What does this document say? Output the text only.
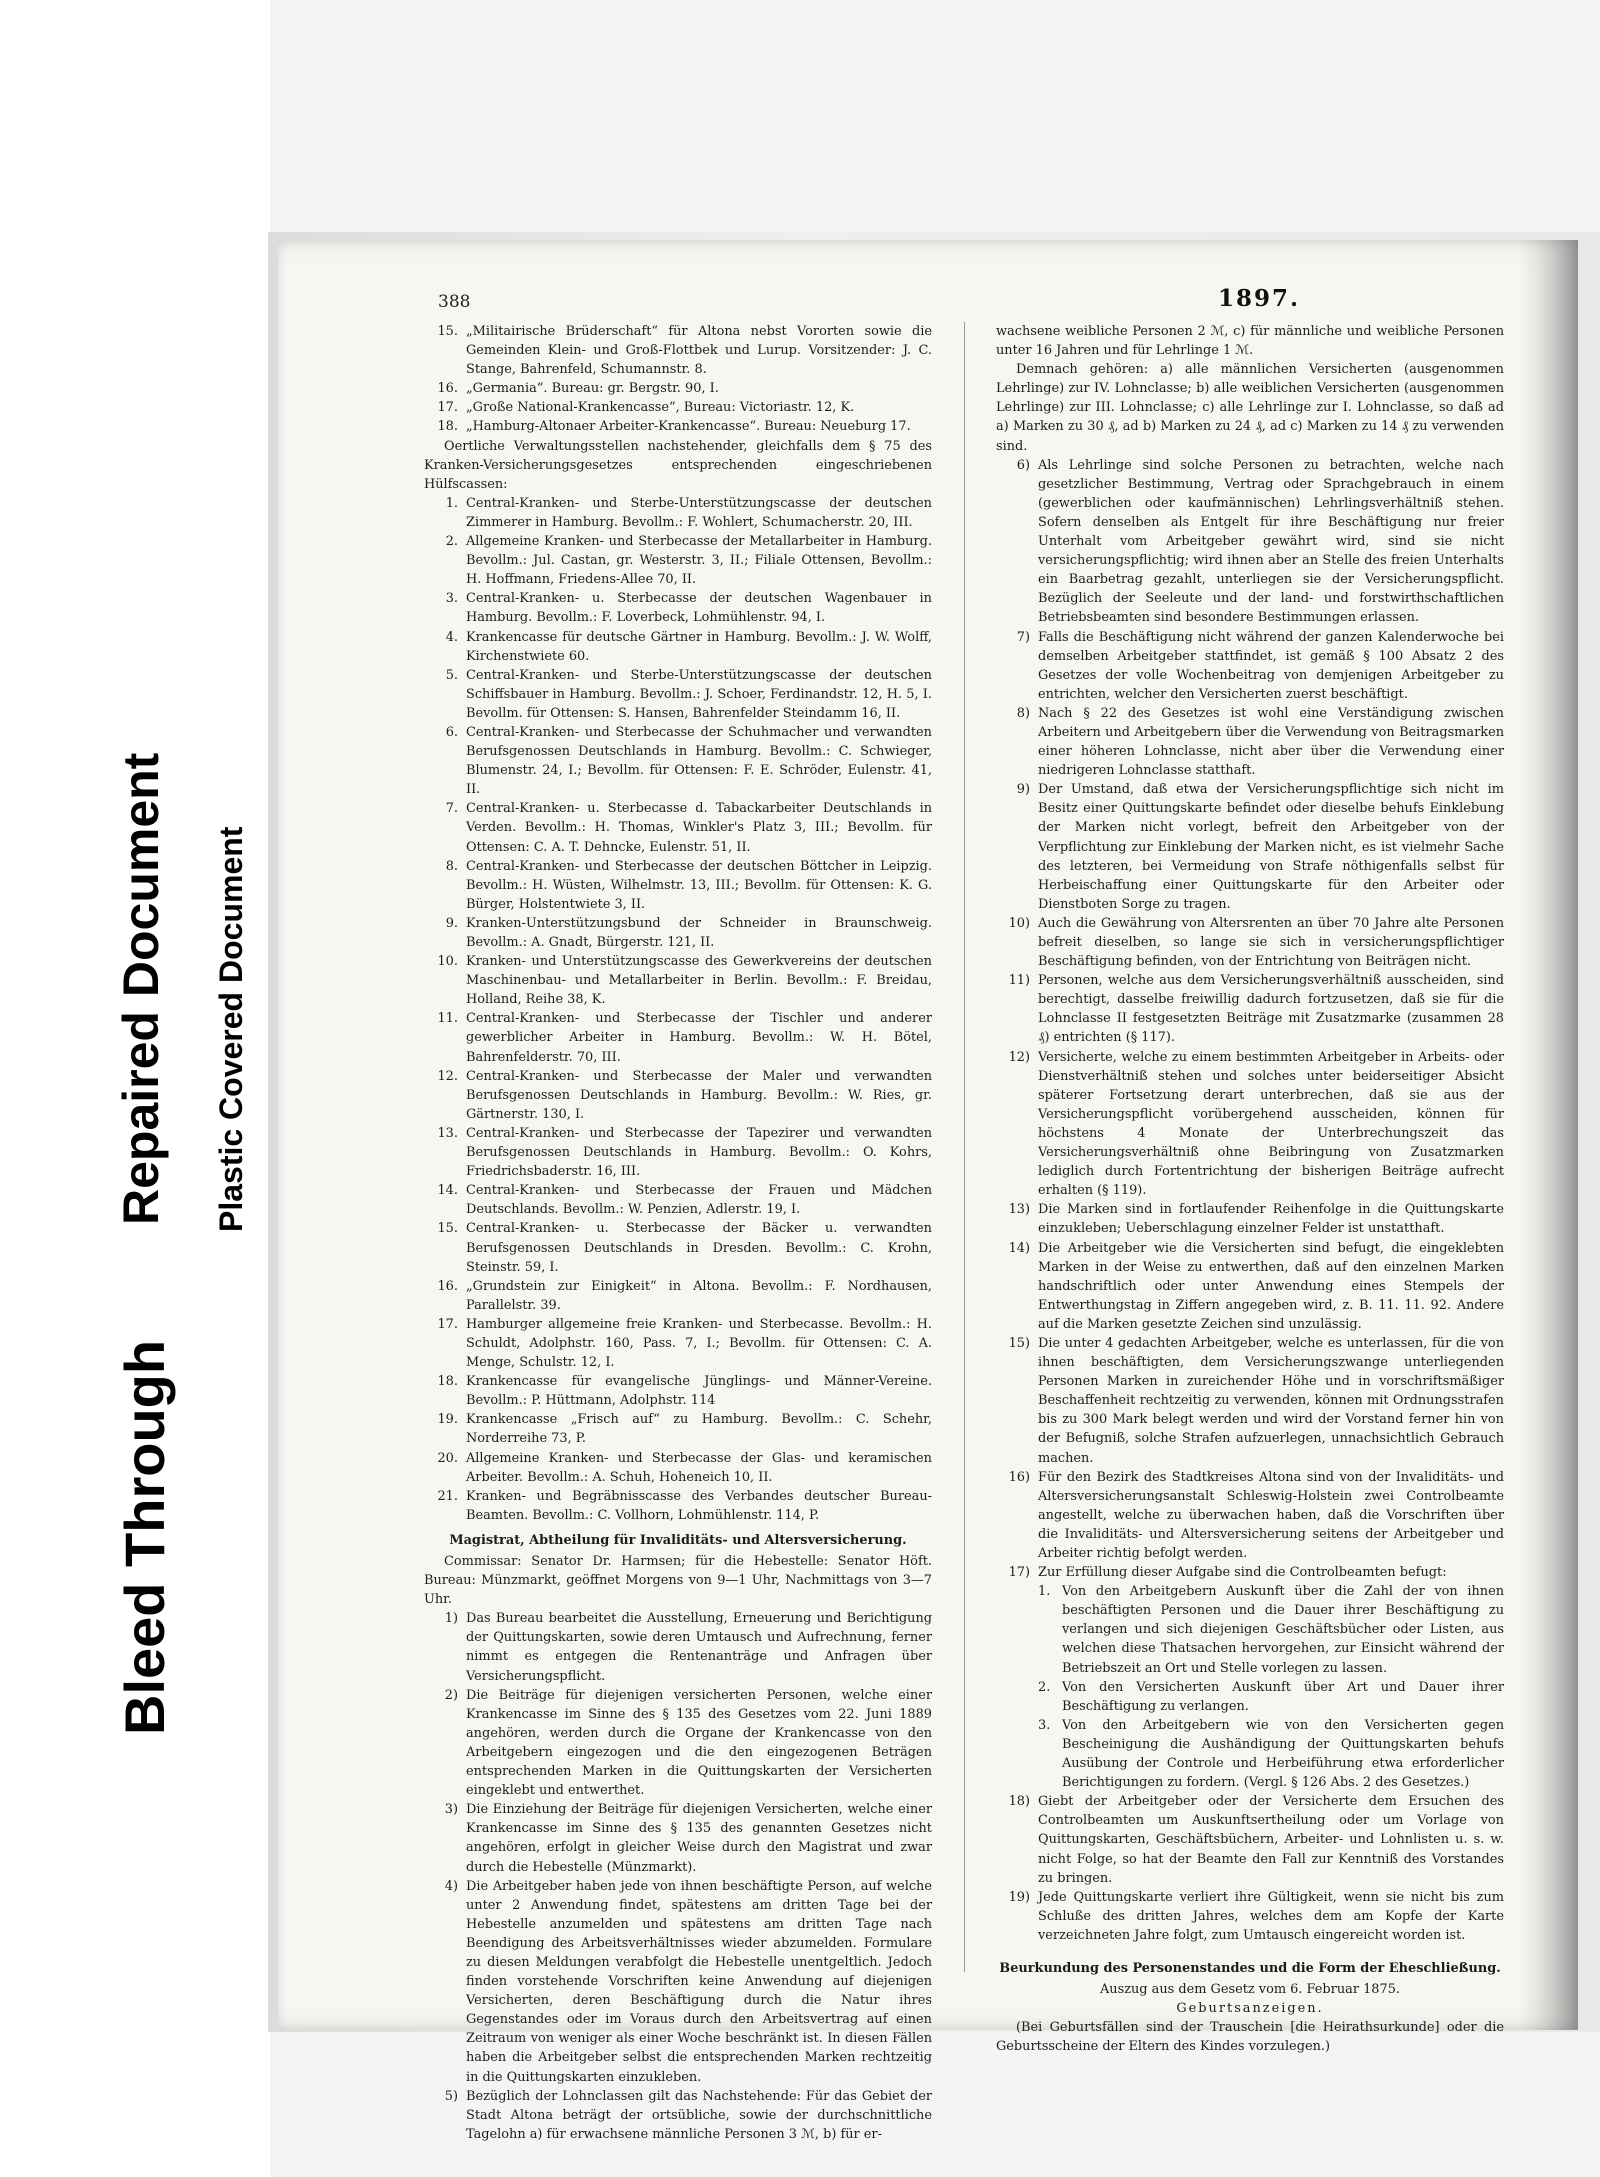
Bleed Through
Repaired Document Plastic Covered Document
388	1897.
15. „Militairische Brüderschaft“ für Altona nebst Vororten sowie die Gemeinden Klein- und Groß-Flottbek und Lurup. Vorsitzender: J. C. Stange, Bahrenfeld, Schumannstr. 8.
16. „Germania“. Bureau: gr. Bergstr. 90, I.
17. „Große National-Krankencasse“, Bureau: Victoriastr. 12, K.
18. „Hamburg-Altonaer Arbeiter-Krankencasse“. Bureau: Neueburg 17.
Oertliche Verwaltungsstellen nachstehender, gleichfalls dem § 75 des Kranken-Versicherungsgesetzes entsprechenden eingeschriebenen Hülfscassen:
1. Central-Kranken- und Sterbe-Unterstützungscasse der deutschen Zimmerer in Hamburg. Bevollm.: F. Wohlert, Schumacherstr. 20, III.
2. Allgemeine Kranken- und Sterbecasse der Metallarbeiter in Hamburg. Bevollm.: Jul. Castan, gr. Westerstr. 3, II.; Filiale Ottensen, Bevollm.: H. Hoffmann, Friedens-Allee 70, II.
3. Central-Kranken- u. Sterbecasse der deutschen Wagenbauer in Hamburg. Bevollm.: F. Loverbeck, Lohmühlenstr. 94, I.
4. Krankencasse für deutsche Gärtner in Hamburg. Bevollm.: J. W. Wolff, Kirchenstwiete 60.
5. Central-Kranken- und Sterbe-Unterstützungscasse der deutschen Schiffsbauer in Hamburg. Bevollm.: J. Schoer, Ferdinandstr. 12, H. 5, I. Bevollm. für Ottensen: S. Hansen, Bahrenfelder Steindamm 16, II.
6. Central-Kranken- und Sterbecasse der Schuhmacher und verwandten Berufsgenossen Deutschlands in Hamburg. Bevollm.: C. Schwieger, Blumenstr. 24, I.; Bevollm. für Ottensen: F. E. Schröder, Eulenstr. 41, II.
7. Central-Kranken- u. Sterbecasse d. Tabackarbeiter Deutschlands in Verden. Bevollm.: H. Thomas, Winkler's Platz 3, III.; Bevollm. für Ottensen: C. A. T. Dehncke, Eulenstr. 51, II.
8. Central-Kranken- und Sterbecasse der deutschen Böttcher in Leipzig. Bevollm.: H. Wüsten, Wilhelmstr. 13, III.; Bevollm. für Ottensen: K. G. Bürger, Holstentwiete 3, II.
9. Kranken-Unterstützungsbund der Schneider in Braunschweig. Bevollm.: A. Gnadt, Bürgerstr. 121, II.
10. Kranken- und Unterstützungscasse des Gewerkvereins der deutschen Maschinenbau- und Metallarbeiter in Berlin. Bevollm.: F. Breidau, Holland, Reihe 38, K.
11. Central-Kranken- und Sterbecasse der Tischler und anderer gewerblicher Arbeiter in Hamburg. Bevollm.: W. H. Bötel, Bahrenfelderstr. 70, III.
12. Central-Kranken- und Sterbecasse der Maler und verwandten Berufsgenossen Deutschlands in Hamburg. Bevollm.: W. Ries, gr. Gärtnerstr. 130, I.
13. Central-Kranken- und Sterbecasse der Tapezirer und verwandten Berufsgenossen Deutschlands in Hamburg. Bevollm.: O. Kohrs, Friedrichsbaderstr. 16, III.
14. Central-Kranken- und Sterbecasse der Frauen und Mädchen Deutschlands. Bevollm.: W. Penzien, Adlerstr. 19, I.
15. Central-Kranken- u. Sterbecasse der Bäcker u. verwandten Berufsgenossen Deutschlands in Dresden. Bevollm.: C. Krohn, Steinstr. 59, I.
16. „Grundstein zur Einigkeit“ in Altona. Bevollm.: F. Nordhausen, Parallelstr. 39.
17. Hamburger allgemeine freie Kranken- und Sterbecasse. Bevollm.: H. Schuldt, Adolphstr. 160, Pass. 7, I.; Bevollm. für Ottensen: C. A. Menge, Schulstr. 12, I.
18. Krankencasse für evangelische Jünglings- und Männer-Vereine. Bevollm.: P. Hüttmann, Adolphstr. 114
19. Krankencasse „Frisch auf“ zu Hamburg. Bevollm.: C. Schehr, Norderreihe 73, P.
20. Allgemeine Kranken- und Sterbecasse der Glas- und keramischen Arbeiter. Bevollm.: A. Schuh, Hoheneich 10, II.
21. Kranken- und Begräbnisscasse des Verbandes deutscher Bureau-Beamten. Bevollm.: C. Vollhorn, Lohmühlenstr. 114, P.
Magistrat, Abtheilung für Invaliditäts- und Altersversicherung.
Commissar: Senator Dr. Harmsen; für die Hebestelle: Senator Höft. Bureau: Münzmarkt, geöffnet Morgens von 9—1 Uhr, Nachmittags von 3—7 Uhr.
1) Das Bureau bearbeitet die Ausstellung, Erneuerung und Berichtigung der Quittungskarten, sowie deren Umtausch und Aufrechnung, ferner nimmt es entgegen die Rentenanträge und Anfragen über Versicherungspflicht.
2) Die Beiträge für diejenigen versicherten Personen, welche einer Krankencasse im Sinne des § 135 des Gesetzes vom 22. Juni 1889 angehören, werden durch die Organe der Krankencasse von den Arbeitgebern eingezogen und die den eingezogenen Beträgen entsprechenden Marken in die Quittungskarten der Versicherten eingeklebt und entwerthet.
3) Die Einziehung der Beiträge für diejenigen Versicherten, welche einer Krankencasse im Sinne des § 135 des genannten Gesetzes nicht angehören, erfolgt in gleicher Weise durch den Magistrat und zwar durch die Hebestelle (Münzmarkt).
4) Die Arbeitgeber haben jede von ihnen beschäftigte Person, auf welche unter 2 Anwendung findet, spätestens am dritten Tage bei der Hebestelle anzumelden und spätestens am dritten Tage nach Beendigung des Arbeitsverhältnisses wieder abzumelden. Formulare zu diesen Meldungen verabfolgt die Hebestelle unentgeltlich. Jedoch finden vorstehende Vorschriften keine Anwendung auf diejenigen Versicherten, deren Beschäftigung durch die Natur ihres Gegenstandes oder im Voraus durch den Arbeitsvertrag auf einen Zeitraum von weniger als einer Woche beschränkt ist. In diesen Fällen haben die Arbeitgeber selbst die entsprechenden Marken rechtzeitig in die Quittungskarten einzukleben.
5) Bezüglich der Lohnclassen gilt das Nachstehende: Für das Gebiet der Stadt Altona beträgt der ortsübliche, sowie der durchschnittliche Tagelohn a) für erwachsene männliche Personen 3 ℳ, b) für er-
wachsene weibliche Personen 2 ℳ, c) für männliche und weibliche Personen unter 16 Jahren und für Lehrlinge 1 ℳ.
Demnach gehören: a) alle männlichen Versicherten (ausgenommen Lehrlinge) zur IV. Lohnclasse; b) alle weiblichen Versicherten (ausgenommen Lehrlinge) zur III. Lohnclasse; c) alle Lehrlinge zur I. Lohnclasse, so daß ad a) Marken zu 30 ₰, ad b) Marken zu 24 ₰, ad c) Marken zu 14 ₰ zu verwenden sind.
6) Als Lehrlinge sind solche Personen zu betrachten, welche nach gesetzlicher Bestimmung, Vertrag oder Sprachgebrauch in einem (gewerblichen oder kaufmännischen) Lehrlingsverhältniß stehen. Sofern denselben als Entgelt für ihre Beschäftigung nur freier Unterhalt vom Arbeitgeber gewährt wird, sind sie nicht versicherungspflichtig; wird ihnen aber an Stelle des freien Unterhalts ein Baarbetrag gezahlt, unterliegen sie der Versicherungspflicht. Bezüglich der Seeleute und der land- und forstwirthschaftlichen Betriebsbeamten sind besondere Bestimmungen erlassen.
7) Falls die Beschäftigung nicht während der ganzen Kalenderwoche bei demselben Arbeitgeber stattfindet, ist gemäß § 100 Absatz 2 des Gesetzes der volle Wochenbeitrag von demjenigen Arbeitgeber zu entrichten, welcher den Versicherten zuerst beschäftigt.
8) Nach § 22 des Gesetzes ist wohl eine Verständigung zwischen Arbeitern und Arbeitgebern über die Verwendung von Beitragsmarken einer höheren Lohnclasse, nicht aber über die Verwendung einer niedrigeren Lohnclasse statthaft.
9) Der Umstand, daß etwa der Versicherungspflichtige sich nicht im Besitz einer Quittungskarte befindet oder dieselbe behufs Einklebung der Marken nicht vorlegt, befreit den Arbeitgeber von der Verpflichtung zur Einklebung der Marken nicht, es ist vielmehr Sache des letzteren, bei Vermeidung von Strafe nöthigenfalls selbst für Herbeischaffung einer Quittungskarte für den Arbeiter oder Dienstboten Sorge zu tragen.
10) Auch die Gewährung von Altersrenten an über 70 Jahre alte Personen befreit dieselben, so lange sie sich in versicherungspflichtiger Beschäftigung befinden, von der Entrichtung von Beiträgen nicht.
11) Personen, welche aus dem Versicherungsverhältniß ausscheiden, sind berechtigt, dasselbe freiwillig dadurch fortzusetzen, daß sie für die Lohnclasse II festgesetzten Beiträge mit Zusatzmarke (zusammen 28 ₰) entrichten (§ 117).
12) Versicherte, welche zu einem bestimmten Arbeitgeber in Arbeits- oder Dienstverhältniß stehen und solches unter beiderseitiger Absicht späterer Fortsetzung derart unterbrechen, daß sie aus der Versicherungspflicht vorübergehend ausscheiden, können für höchstens 4 Monate der Unterbrechungszeit das Versicherungsverhältniß ohne Beibringung von Zusatzmarken lediglich durch Fortentrichtung der bisherigen Beiträge aufrecht erhalten (§ 119).
13) Die Marken sind in fortlaufender Reihenfolge in die Quittungskarte einzukleben; Ueberschlagung einzelner Felder ist unstatthaft.
14) Die Arbeitgeber wie die Versicherten sind befugt, die eingeklebten Marken in der Weise zu entwerthen, daß auf den einzelnen Marken handschriftlich oder unter Anwendung eines Stempels der Entwerthungstag in Ziffern angegeben wird, z. B. 11. 11. 92. Andere auf die Marken gesetzte Zeichen sind unzulässig.
15) Die unter 4 gedachten Arbeitgeber, welche es unterlassen, für die von ihnen beschäftigten, dem Versicherungszwange unterliegenden Personen Marken in zureichender Höhe und in vorschriftsmäßiger Beschaffenheit rechtzeitig zu verwenden, können mit Ordnungsstrafen bis zu 300 Mark belegt werden und wird der Vorstand ferner hin von der Befugniß, solche Strafen aufzuerlegen, unnachsichtlich Gebrauch machen.
16) Für den Bezirk des Stadtkreises Altona sind von der Invaliditäts- und Altersversicherungsanstalt Schleswig-Holstein zwei Controlbeamte angestellt, welche zu überwachen haben, daß die Vorschriften über die Invaliditäts- und Altersversicherung seitens der Arbeitgeber und Arbeiter richtig befolgt werden.
17) Zur Erfüllung dieser Aufgabe sind die Controlbeamten befugt:
1. Von den Arbeitgebern Auskunft über die Zahl der von ihnen beschäftigten Personen und die Dauer ihrer Beschäftigung zu verlangen und sich diejenigen Geschäftsbücher oder Listen, aus welchen diese Thatsachen hervorgehen, zur Einsicht während der Betriebszeit an Ort und Stelle vorlegen zu lassen.
2. Von den Versicherten Auskunft über Art und Dauer ihrer Beschäftigung zu verlangen.
3. Von den Arbeitgebern wie von den Versicherten gegen Bescheinigung die Aushändigung der Quittungskarten behufs Ausübung der Controle und Herbeiführung etwa erforderlicher Berichtigungen zu fordern. (Vergl. § 126 Abs. 2 des Gesetzes.)
18) Giebt der Arbeitgeber oder der Versicherte dem Ersuchen des Controlbeamten um Auskunftsertheilung oder um Vorlage von Quittungskarten, Geschäftsbüchern, Arbeiter- und Lohnlisten u. s. w. nicht Folge, so hat der Beamte den Fall zur Kenntniß des Vorstandes zu bringen.
19) Jede Quittungskarte verliert ihre Gültigkeit, wenn sie nicht bis zum Schluße des dritten Jahres, welches dem am Kopfe der Karte verzeichneten Jahre folgt, zum Umtausch eingereicht worden ist.
Beurkundung des Personenstandes und die Form der Eheschließung.
Auszug aus dem Gesetz vom 6. Februar 1875.
Geburtsanzeigen.
(Bei Geburtsfällen sind der Trauschein [die Heirathsurkunde] oder die Geburtsscheine der Eltern des Kindes vorzulegen.)
